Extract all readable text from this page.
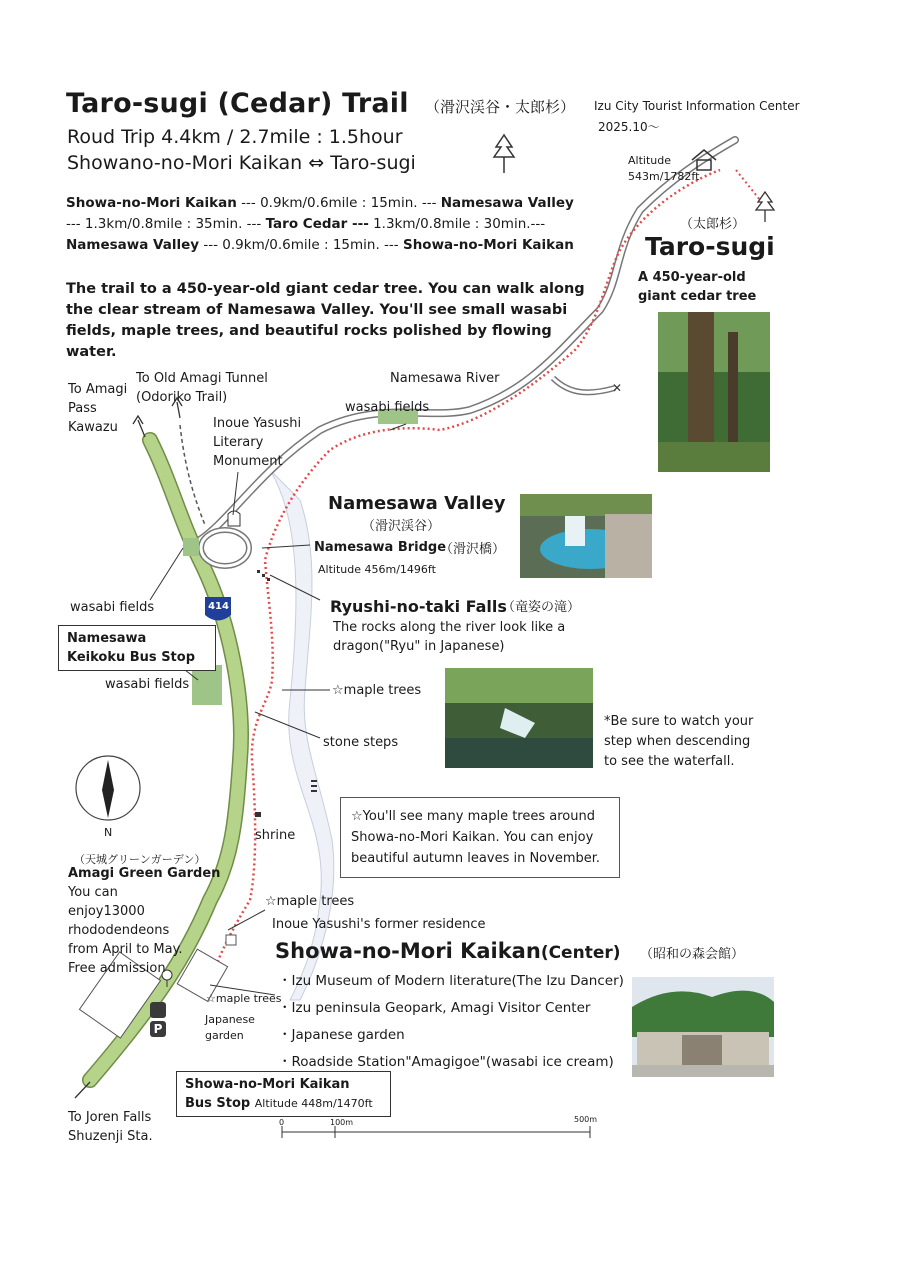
✕
Taro-sugi (Cedar) Trail （滑沢渓谷・太郎杉） Izu City Tourist Information Center
2025.10〜
Roud Trip 4.4km / 2.7mile : 1.5hour
Showano-no-Mori Kaikan ⇔ Taro-sugi
Showa-no-Mori Kaikan --- 0.9km/0.6mile : 15min. --- Namesawa Valley
--- 1.3km/0.8mile : 35min. --- Taro Cedar --- 1.3km/0.8mile : 30min.---
Namesawa Valley --- 0.9km/0.6mile : 15min. --- Showa-no-Mori Kaikan
The trail to a 450-year-old giant cedar tree. You can walk along the clear stream of Namesawa Valley. You'll see small wasabi fields, maple trees, and beautiful rocks polished by flowing water.
Altitude
543m/1782ft
（太郎杉）
Taro-sugi
A 450-year-old giant cedar tree
Namesawa River
wasabi fields
Namesawa Valley
（滑沢渓谷）
Namesawa Bridge
（滑沢橋）
Altitude 456m/1496ft
Ryushi-no-taki Falls
（竜姿の滝）
The rocks along the river look like a dragon("Ryu" in Japanese)
*Be sure to watch your step when descending to see the waterfall.
To Amagi Pass Kawazu
To Old Amagi Tunnel (Odoriko Trail)
Inoue Yasushi Literary Monument
wasabi fields
wasabi fields
414
Namesawa Keikoku Bus Stop
☆maple trees
stone steps
shrine
☆maple trees
Inoue Yasushi's former residence
☆maple trees
Japanese garden
N
To Joren Falls Shuzenji Sta.
0	100m	500m
P
☆You'll see many maple trees around Showa-no-Mori Kaikan. You can enjoy beautiful autumn leaves in November.
（天城グリーンガーデン）
Amagi Green Garden
You can enjoy13000 rhododendeons from April to May. Free admission
Showa-no-Mori Kaikan(Center) （昭和の森会館）
・Izu Museum of Modern literature(The Izu Dancer)
・Izu peninsula Geopark, Amagi Visitor Center
・Japanese garden
・Roadside Station"Amagigoe"(wasabi ice cream)
Showa-no-Mori Kaikan
Bus Stop Altitude 448m/1470ft
